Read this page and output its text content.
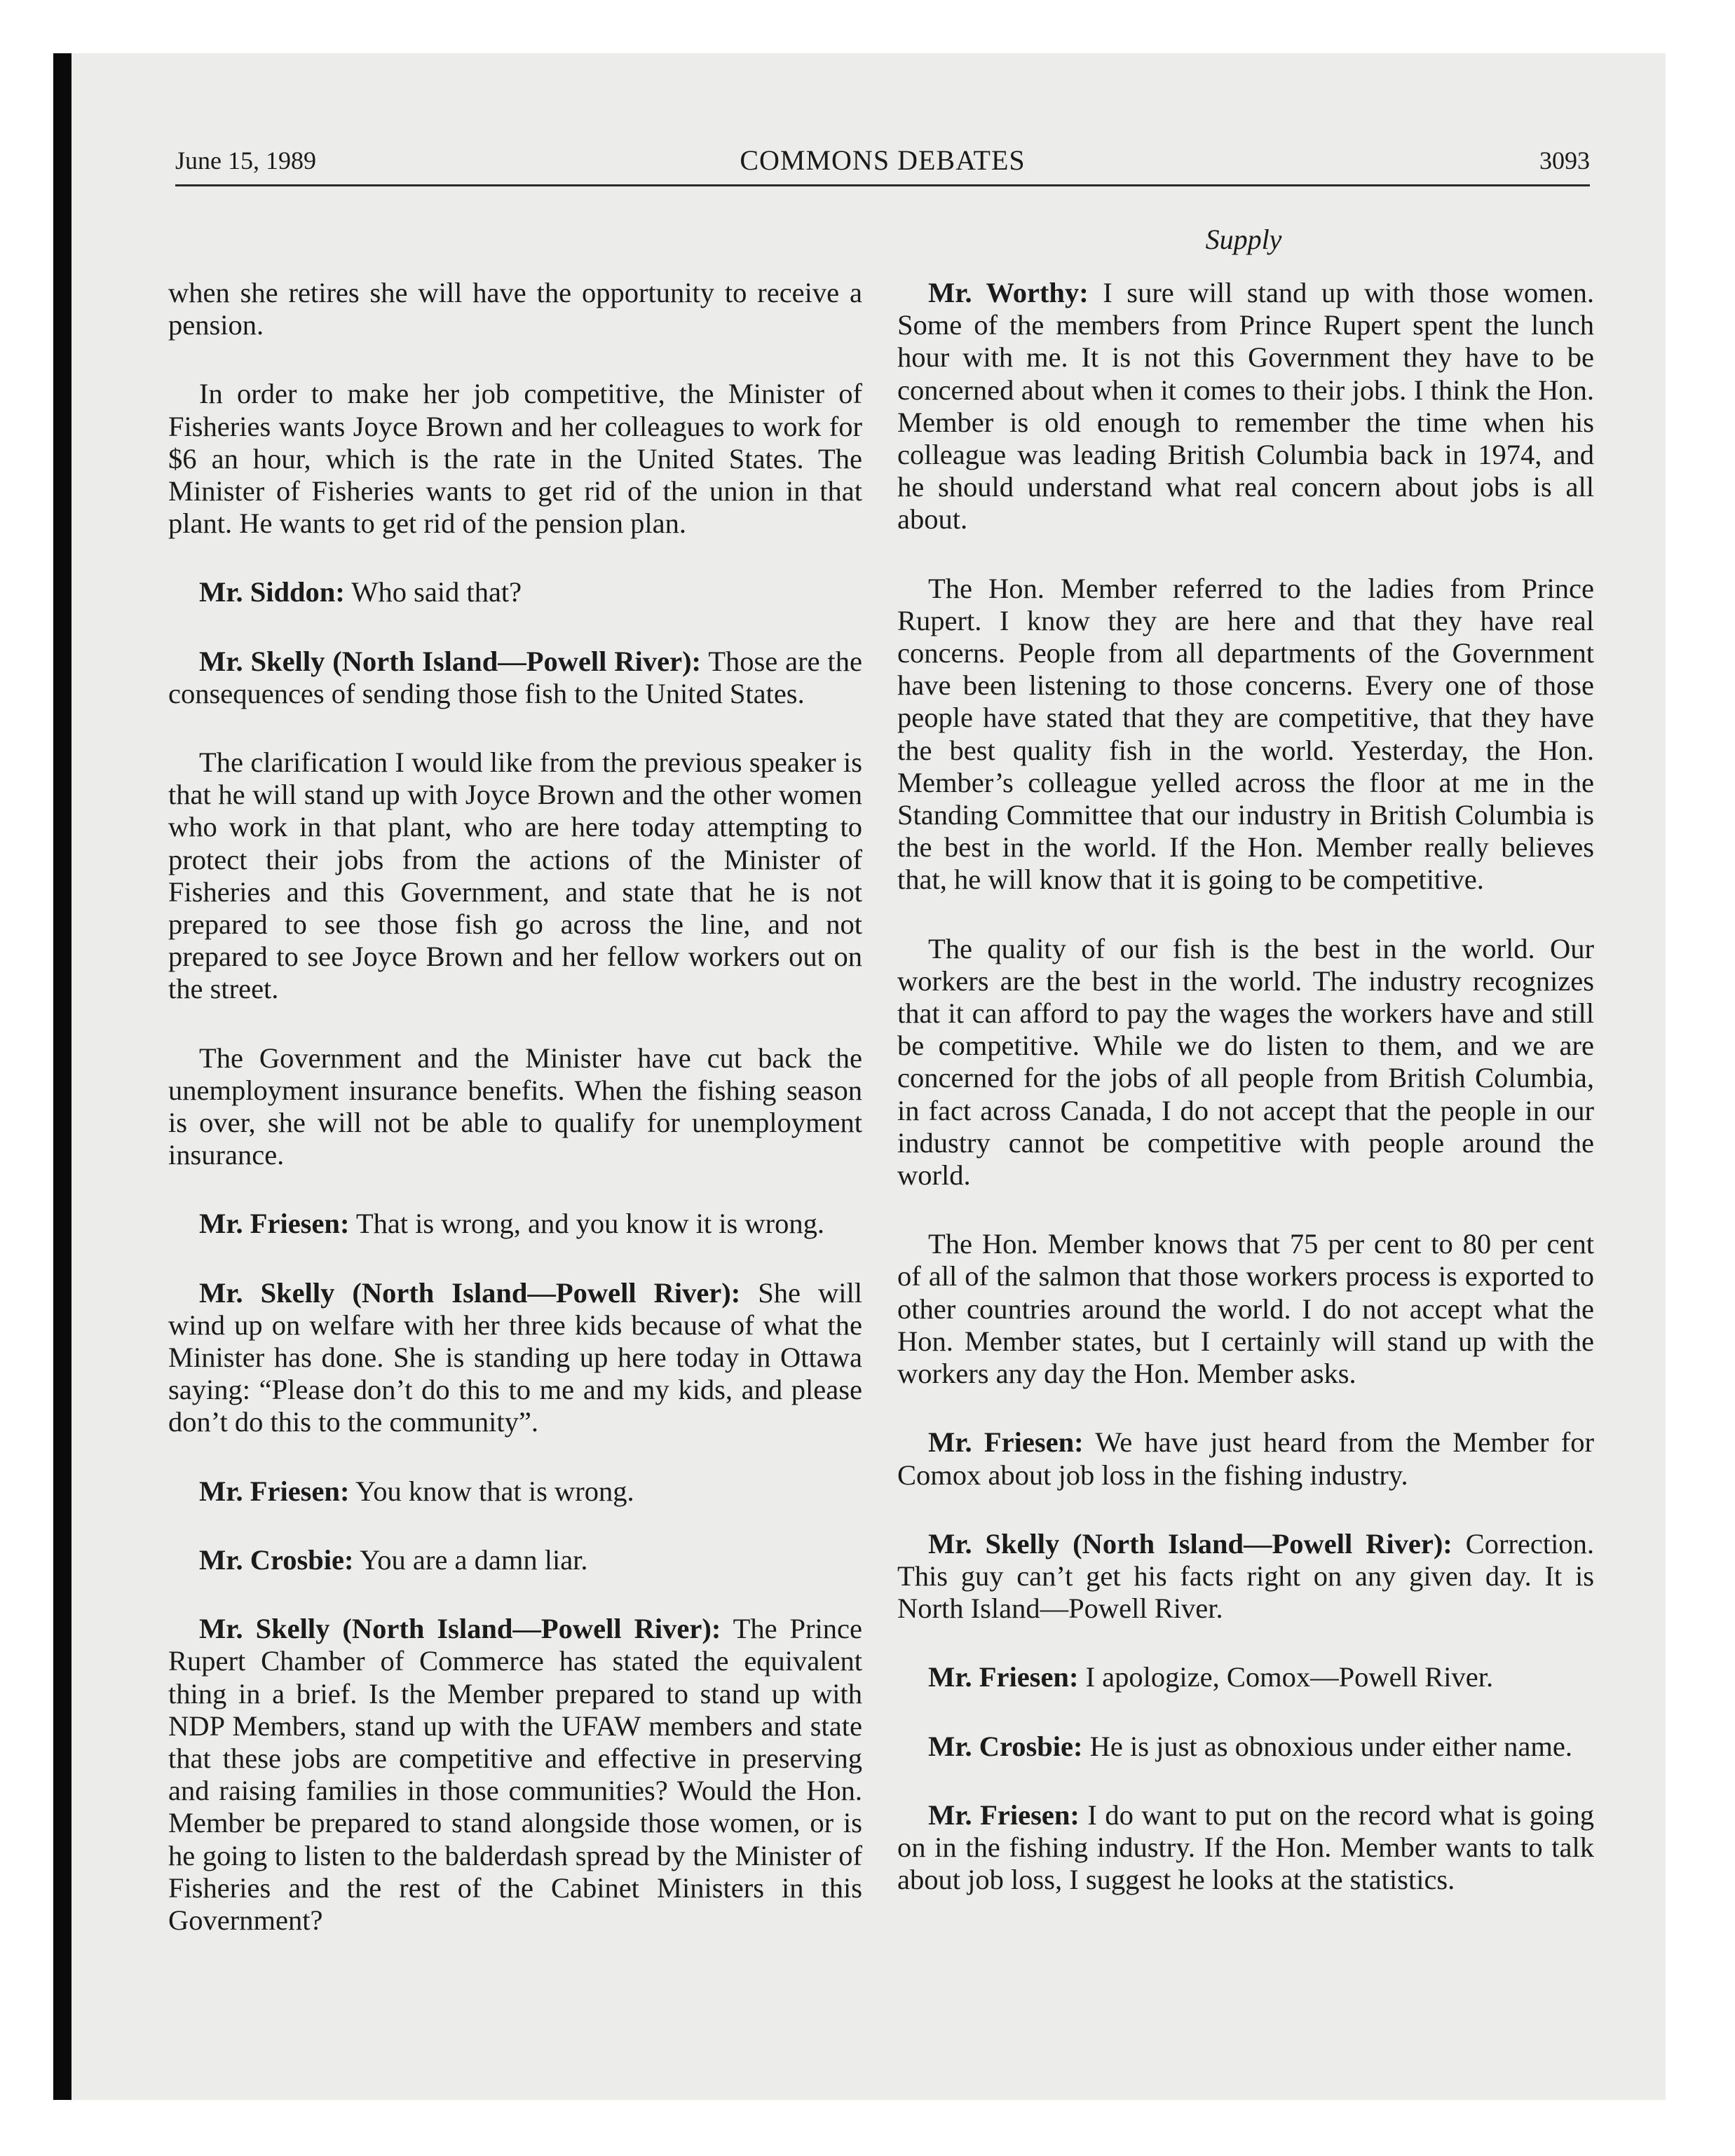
June 15, 1989	COMMONS DEBATES	3093
Supply

when she retires she will have the opportunity to receive a pension.

In order to make her job competitive, the Minister of Fisheries wants Joyce Brown and her colleagues to work for $6 an hour, which is the rate in the United States. The Minister of Fisheries wants to get rid of the union in that plant. He wants to get rid of the pension plan.

Mr. Siddon: Who said that?

Mr. Skelly (North Island—Powell River): Those are the consequences of sending those fish to the United States.

The clarification I would like from the previous speaker is that he will stand up with Joyce Brown and the other women who work in that plant, who are here today attempting to protect their jobs from the actions of the Minister of Fisheries and this Government, and state that he is not prepared to see those fish go across the line, and not prepared to see Joyce Brown and her fellow workers out on the street.

The Government and the Minister have cut back the unemployment insurance benefits. When the fishing season is over, she will not be able to qualify for unemployment insurance.

Mr. Friesen: That is wrong, and you know it is wrong.

Mr. Skelly (North Island—Powell River): She will wind up on welfare with her three kids because of what the Minister has done. She is standing up here today in Ottawa saying: “Please don’t do this to me and my kids, and please don’t do this to the community”.

Mr. Friesen: You know that is wrong.

Mr. Crosbie: You are a damn liar.

Mr. Skelly (North Island—Powell River): The Prince Rupert Chamber of Commerce has stated the equivalent thing in a brief. Is the Member prepared to stand up with NDP Members, stand up with the UFAW members and state that these jobs are competitive and effective in preserving and raising families in those communities? Would the Hon. Member be prepared to stand alongside those women, or is he going to listen to the balderdash spread by the Minister of Fisheries and the rest of the Cabinet Ministers in this Government?

Mr. Worthy: I sure will stand up with those women. Some of the members from Prince Rupert spent the lunch hour with me. It is not this Government they have to be concerned about when it comes to their jobs. I think the Hon. Member is old enough to remember the time when his colleague was leading British Columbia back in 1974, and he should understand what real concern about jobs is all about.

The Hon. Member referred to the ladies from Prince Rupert. I know they are here and that they have real concerns. People from all departments of the Government have been listening to those concerns. Every one of those people have stated that they are competitive, that they have the best quality fish in the world. Yesterday, the Hon. Member’s colleague yelled across the floor at me in the Standing Committee that our industry in British Columbia is the best in the world. If the Hon. Member really believes that, he will know that it is going to be competitive.

The quality of our fish is the best in the world. Our workers are the best in the world. The industry recognizes that it can afford to pay the wages the workers have and still be competitive. While we do listen to them, and we are concerned for the jobs of all people from British Columbia, in fact across Canada, I do not accept that the people in our industry cannot be competitive with people around the world.

The Hon. Member knows that 75 per cent to 80 per cent of all of the salmon that those workers process is exported to other countries around the world. I do not accept what the Hon. Member states, but I certainly will stand up with the workers any day the Hon. Member asks.

Mr. Friesen: We have just heard from the Member for Comox about job loss in the fishing industry.

Mr. Skelly (North Island—Powell River): Correction. This guy can’t get his facts right on any given day. It is North Island—Powell River.

Mr. Friesen: I apologize, Comox—Powell River.

Mr. Crosbie: He is just as obnoxious under either name.

Mr. Friesen: I do want to put on the record what is going on in the fishing industry. If the Hon. Member wants to talk about job loss, I suggest he looks at the statistics.
